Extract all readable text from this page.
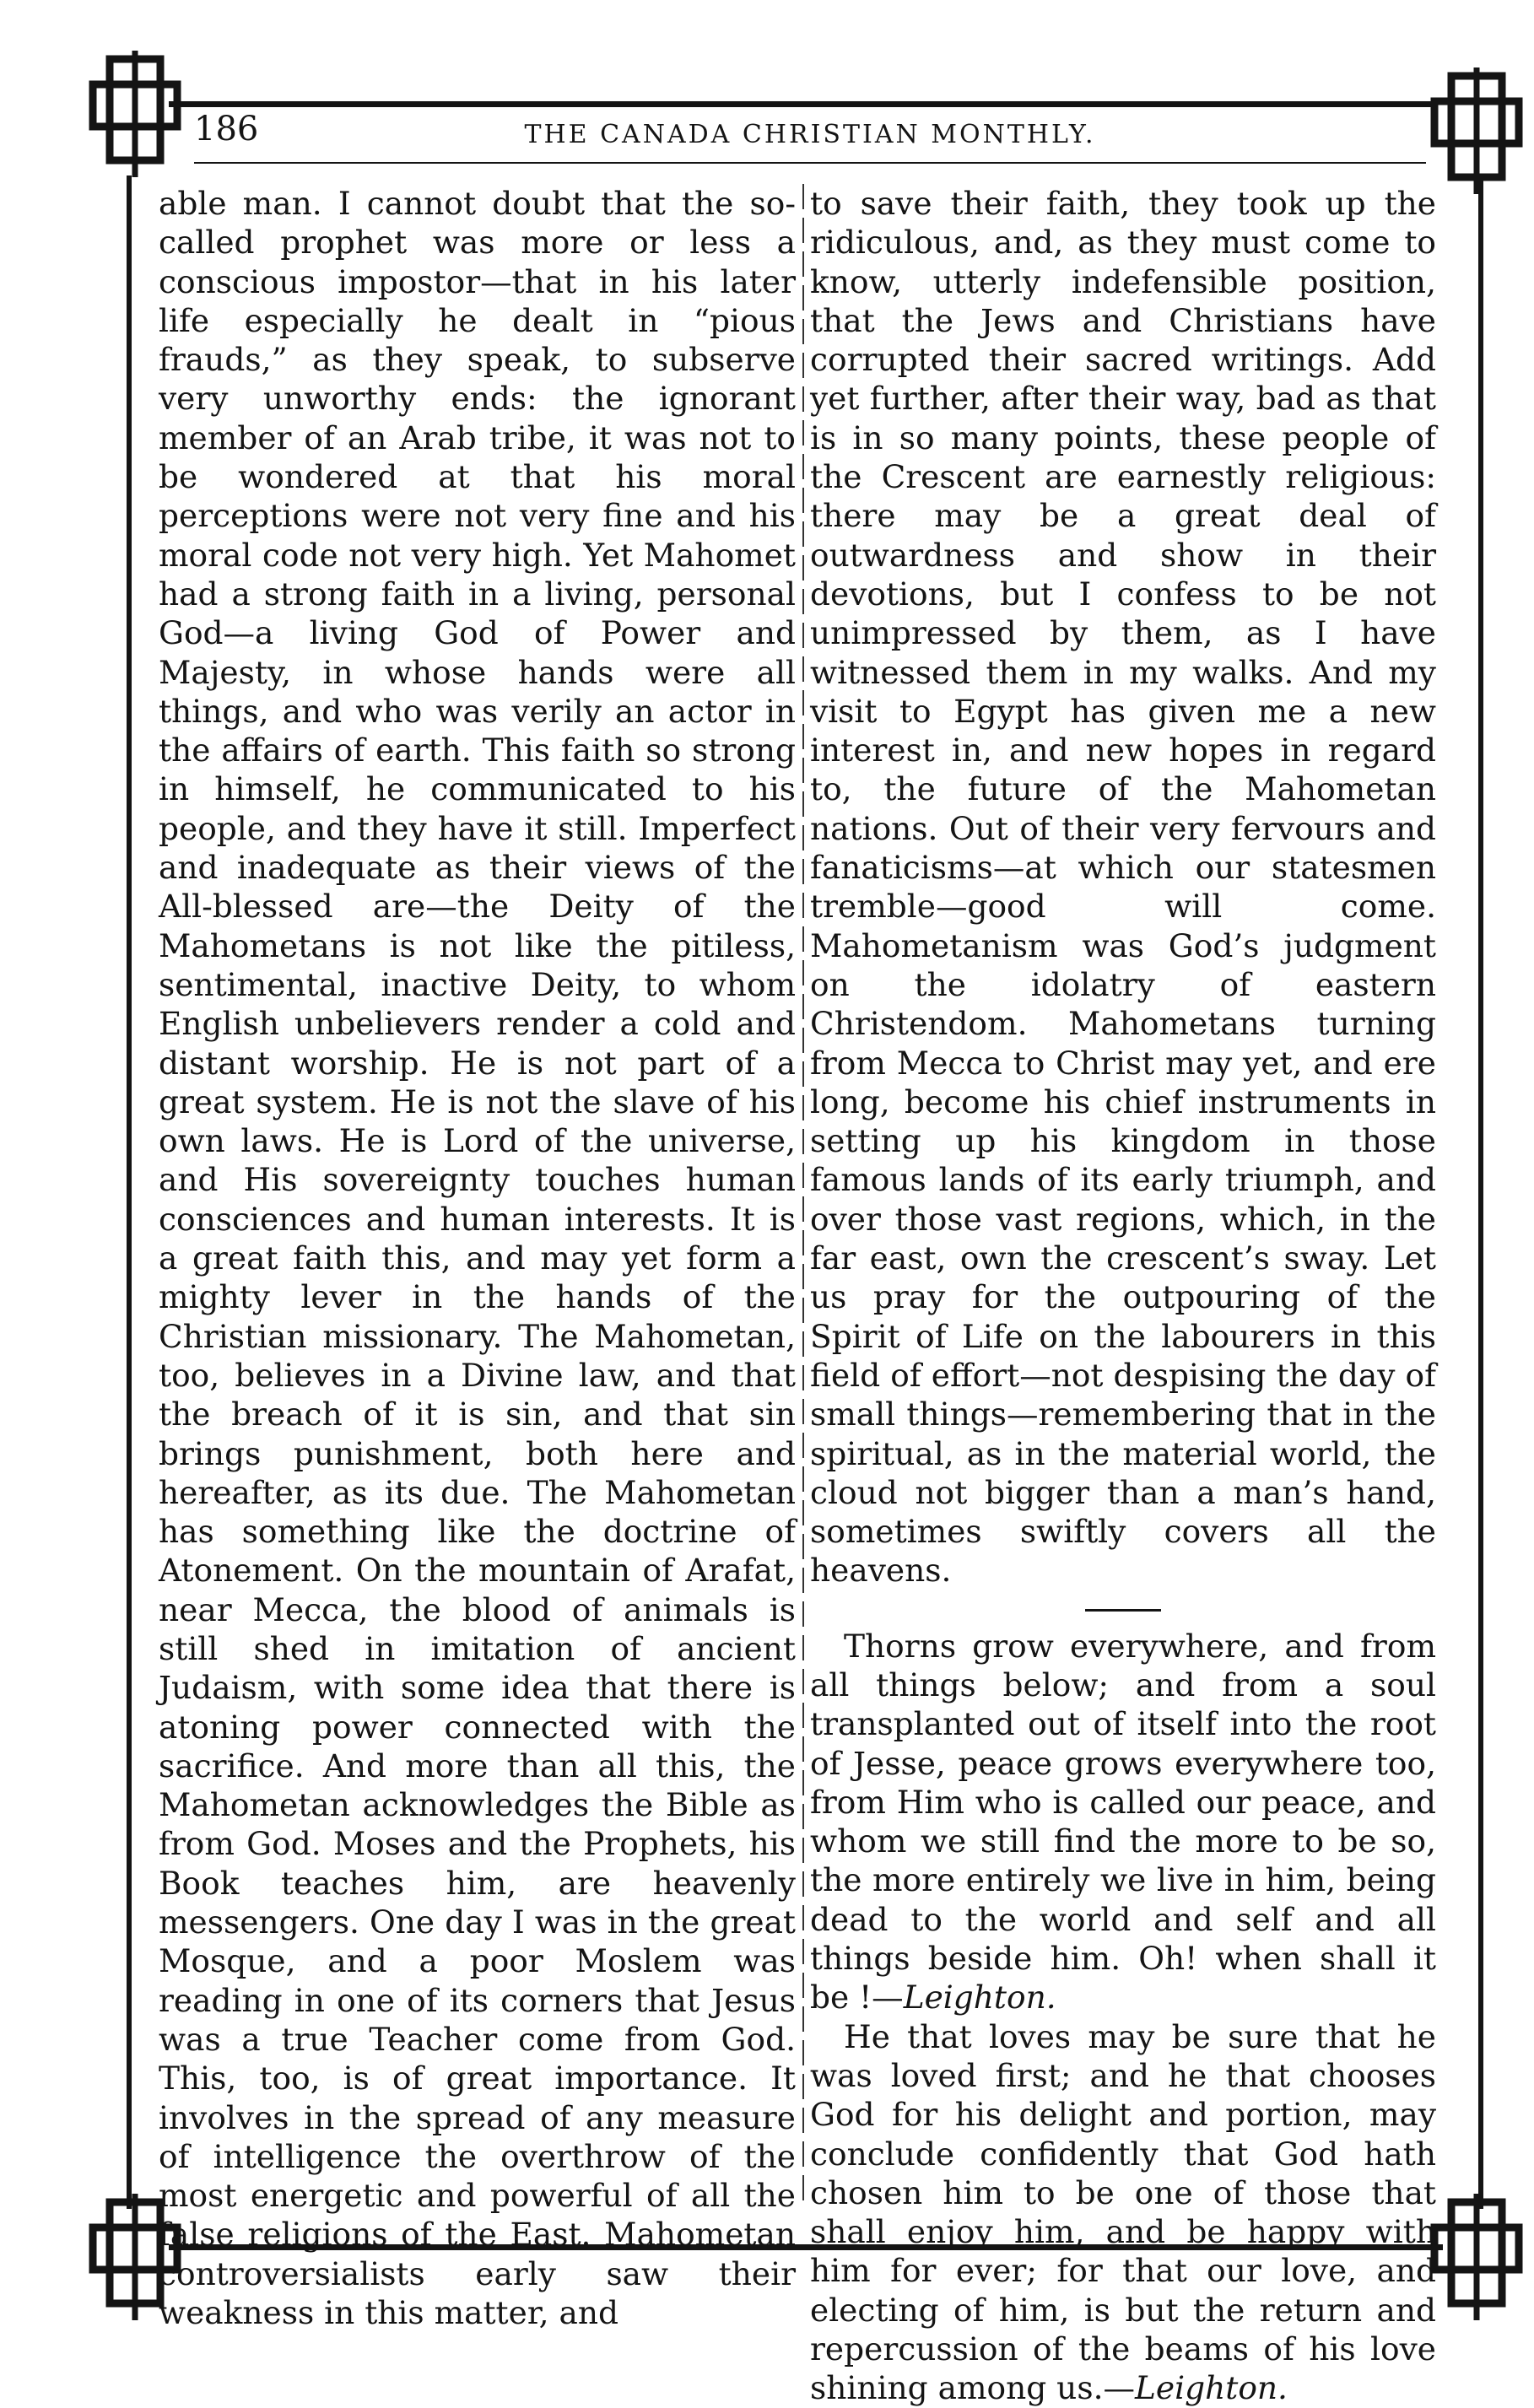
186	THE CANADA CHRISTIAN MONTHLY.

able man. I cannot doubt that the so-called prophet was more or less a conscious impostor—that in his later life especially he dealt in “pious frauds,” as they speak, to subserve very unworthy ends: the ignorant member of an Arab tribe, it was not to be wondered at that his moral perceptions were not very fine and his moral code not very high. Yet Mahomet had a strong faith in a living, personal God—a living God of Power and Majesty, in whose hands were all things, and who was verily an actor in the affairs of earth. This faith so strong in himself, he communicated to his people, and they have it still. Imperfect and inadequate as their views of the All-blessed are—the Deity of the Mahometans is not like the pitiless, sentimental, inactive Deity, to whom English unbelievers render a cold and distant worship. He is not part of a great system. He is not the slave of his own laws. He is Lord of the universe, and His sovereignty touches human consciences and human interests. It is a great faith this, and may yet form a mighty lever in the hands of the Christian missionary. The Mahometan, too, believes in a Divine law, and that the breach of it is sin, and that sin brings punishment, both here and hereafter, as its due. The Mahometan has something like the doctrine of Atonement. On the mountain of Arafat, near Mecca, the blood of animals is still shed in imitation of ancient Judaism, with some idea that there is atoning power connected with the sacrifice. And more than all this, the Mahometan acknowledges the Bible as from God. Moses and the Prophets, his Book teaches him, are heavenly messengers. One day I was in the great Mosque, and a poor Moslem was reading in one of its corners that Jesus was a true Teacher come from God. This, too, is of great importance. It involves in the spread of any measure of intelligence the overthrow of the most energetic and powerful of all the false religions of the East. Mahometan controversialists early saw their weakness in this matter, and

to save their faith, they took up the ridiculous, and, as they must come to know, utterly indefensible position, that the Jews and Christians have corrupted their sacred writings. Add yet further, after their way, bad as that is in so many points, these people of the Crescent are earnestly religious: there may be a great deal of outwardness and show in their devotions, but I confess to be not unimpressed by them, as I have witnessed them in my walks. And my visit to Egypt has given me a new interest in, and new hopes in regard to, the future of the Mahometan nations. Out of their very fervours and fanaticisms—at which our statesmen tremble—good will come. Mahometanism was God’s judgment on the idolatry of eastern Christendom. Mahometans turning from Mecca to Christ may yet, and ere long, become his chief instruments in setting up his kingdom in those famous lands of its early triumph, and over those vast regions, which, in the far east, own the crescent’s sway. Let us pray for the outpouring of the Spirit of Life on the labourers in this field of effort—not despising the day of small things—remembering that in the spiritual, as in the material world, the cloud not bigger than a man’s hand, sometimes swiftly covers all the heavens.

Thorns grow everywhere, and from all things below; and from a soul transplanted out of itself into the root of Jesse, peace grows everywhere too, from Him who is called our peace, and whom we still find the more to be so, the more entirely we live in him, being dead to the world and self and all things beside him. Oh! when shall it be !—Leighton.

He that loves may be sure that he was loved first; and he that chooses God for his delight and portion, may conclude confidently that God hath chosen him to be one of those that shall enjoy him, and be happy with him for ever; for that our love, and electing of him, is but the return and repercussion of the beams of his love shining among us.—Leighton.
